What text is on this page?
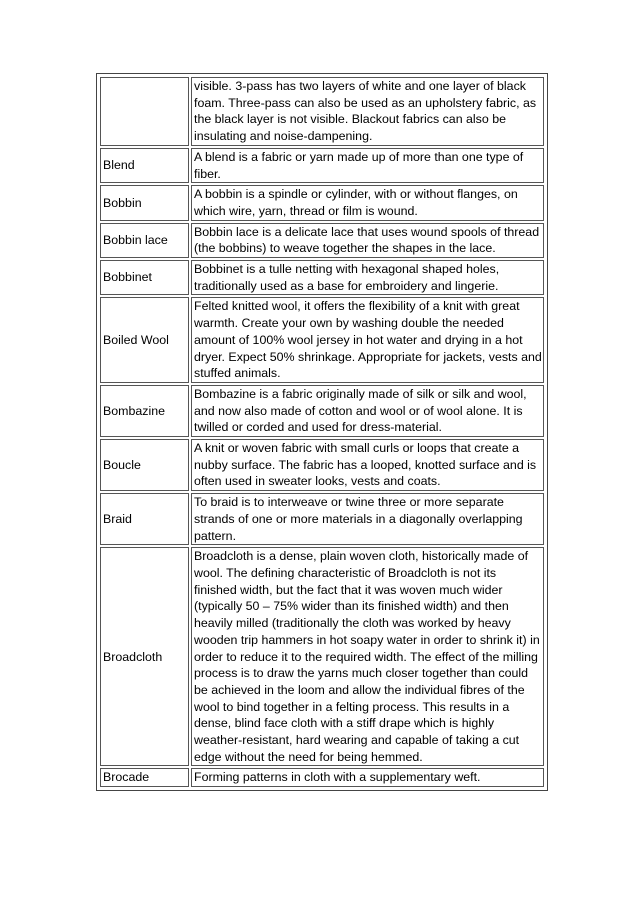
	visible. 3-pass has two layers of white and one layer of black foam. Three-pass can also be used as an upholstery fabric, as the black layer is not visible. Blackout fabrics can also be insulating and noise-dampening.
Blend	A blend is a fabric or yarn made up of more than one type of fiber.
Bobbin	A bobbin is a spindle or cylinder, with or without flanges, on which wire, yarn, thread or film is wound.
Bobbin lace	Bobbin lace is a delicate lace that uses wound spools of thread (the bobbins) to weave together the shapes in the lace.
Bobbinet	Bobbinet is a tulle netting with hexagonal shaped holes, traditionally used as a base for embroidery and lingerie.
Boiled Wool	Felted knitted wool, it offers the flexibility of a knit with great warmth. Create your own by washing double the needed amount of 100% wool jersey in hot water and drying in a hot dryer. Expect 50% shrinkage. Appropriate for jackets, vests and stuffed animals.
Bombazine	Bombazine is a fabric originally made of silk or silk and wool, and now also made of cotton and wool or of wool alone. It is twilled or corded and used for dress-material.
Boucle	A knit or woven fabric with small curls or loops that create a nubby surface. The fabric has a looped, knotted surface and is often used in sweater looks, vests and coats.
Braid	To braid is to interweave or twine three or more separate strands of one or more materials in a diagonally overlapping pattern.
Broadcloth	Broadcloth is a dense, plain woven cloth, historically made of wool. The defining characteristic of Broadcloth is not its finished width, but the fact that it was woven much wider (typically 50 – 75% wider than its finished width) and then heavily milled (traditionally the cloth was worked by heavy wooden trip hammers in hot soapy water in order to shrink it) in order to reduce it to the required width. The effect of the milling process is to draw the yarns much closer together than could be achieved in the loom and allow the individual fibres of the wool to bind together in a felting process. This results in a dense, blind face cloth with a stiff drape which is highly weather-resistant, hard wearing and capable of taking a cut edge without the need for being hemmed.
Brocade	Forming patterns in cloth with a supplementary weft.
